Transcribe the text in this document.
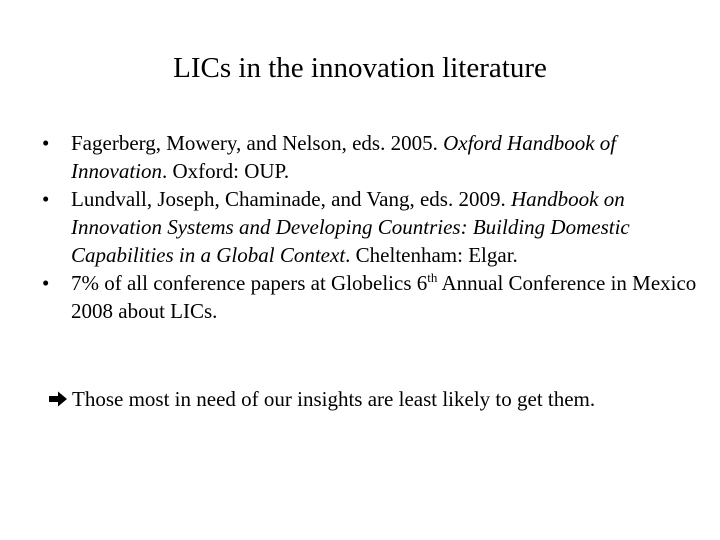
LICs in the innovation literature
• Fagerberg, Mowery, and Nelson, eds. 2005. Oxford Handbook of Innovation. Oxford: OUP.
• Lundvall, Joseph, Chaminade, and Vang, eds. 2009. Handbook on Innovation Systems and Developing Countries: Building Domestic Capabilities in a Global Context. Cheltenham: Elgar.
• 7% of all conference papers at Globelics 6th Annual Conference in Mexico 2008 about LICs.
Those most in need of our insights are least likely to get them.
